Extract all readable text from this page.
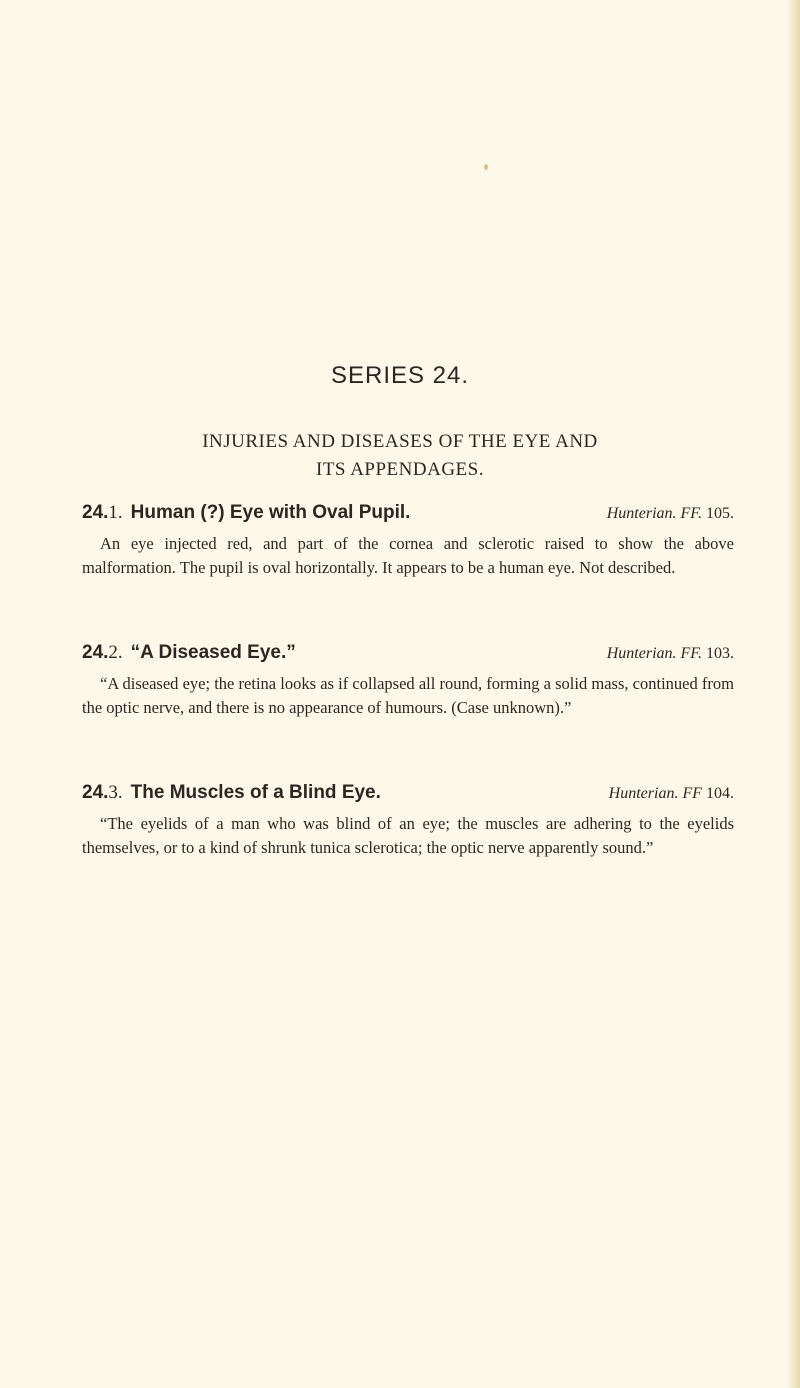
SERIES 24.
INJURIES AND DISEASES OF THE EYE AND
ITS APPENDAGES.
24.1. Human (?) Eye with Oval Pupil.	Hunterian. FF. 105.

An eye injected red, and part of the cornea and sclerotic raised to show the above malformation. The pupil is oval horizontally. It appears to be a human eye. Not described.

24.2. “A Diseased Eye.”	Hunterian. FF. 103.

“A diseased eye; the retina looks as if collapsed all round, forming a solid mass, continued from the optic nerve, and there is no appearance of humours. (Case unknown).”

24.3. The Muscles of a Blind Eye.	Hunterian. FF 104.

“The eyelids of a man who was blind of an eye; the muscles are adhering to the eyelids themselves, or to a kind of shrunk tunica sclerotica; the optic nerve apparently sound.”
